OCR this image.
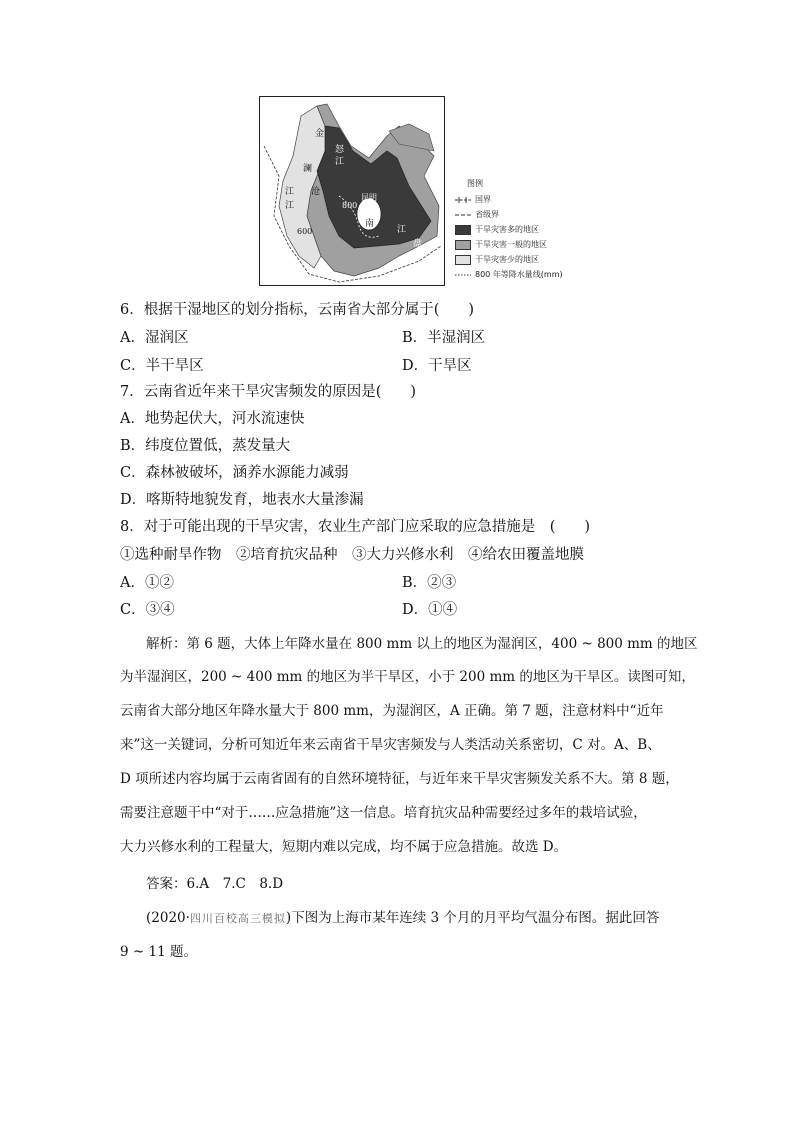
金
澜
怒
江
沧
江
江
昆明
800
南
600	江
盘
图例
国界
省级界
干旱灾害多的地区
干旱灾害一般的地区
干旱灾害少的地区
800 年等降水量线(mm)
6．根据干湿地区的划分指标，云南省大部分属于(　　)
A．湿润区	B．半湿润区
C．半干旱区	D．干旱区
7．云南省近年来干旱灾害频发的原因是(　　)
A．地势起伏大，河水流速快
B．纬度位置低，蒸发量大
C．森林被破坏，涵养水源能力减弱
D．喀斯特地貌发育，地表水大量渗漏
8．对于可能出现的干旱灾害，农业生产部门应采取的应急措施是　(　　)
①选种耐旱作物　②培育抗灾品种　③大力兴修水利　④给农田覆盖地膜
A．①②	B．②③
C．③④	D．①④
解析：第 6 题，大体上年降水量在 800 mm 以上的地区为湿润区，400 ~ 800 mm 的地区
为半湿润区，200 ~ 400 mm 的地区为半干旱区，小于 200 mm 的地区为干旱区。读图可知，
云南省大部分地区年降水量大于 800 mm，为湿润区，A 正确。第 7 题，注意材料中“近年
来”这一关键词，分析可知近年来云南省干旱灾害频发与人类活动关系密切，C 对。A、B、
D 项所述内容均属于云南省固有的自然环境特征，与近年来干旱灾害频发关系不大。第 8 题，
需要注意题干中“对于……应急措施”这一信息。培育抗灾品种需要经过多年的栽培试验，
大力兴修水利的工程量大，短期内难以完成，均不属于应急措施。故选 D。
答案：6.A　7.C　8.D
(2020·四川百校高三模拟)下图为上海市某年连续 3 个月的月平均气温分布图。据此回答
9 ~ 11 题。
